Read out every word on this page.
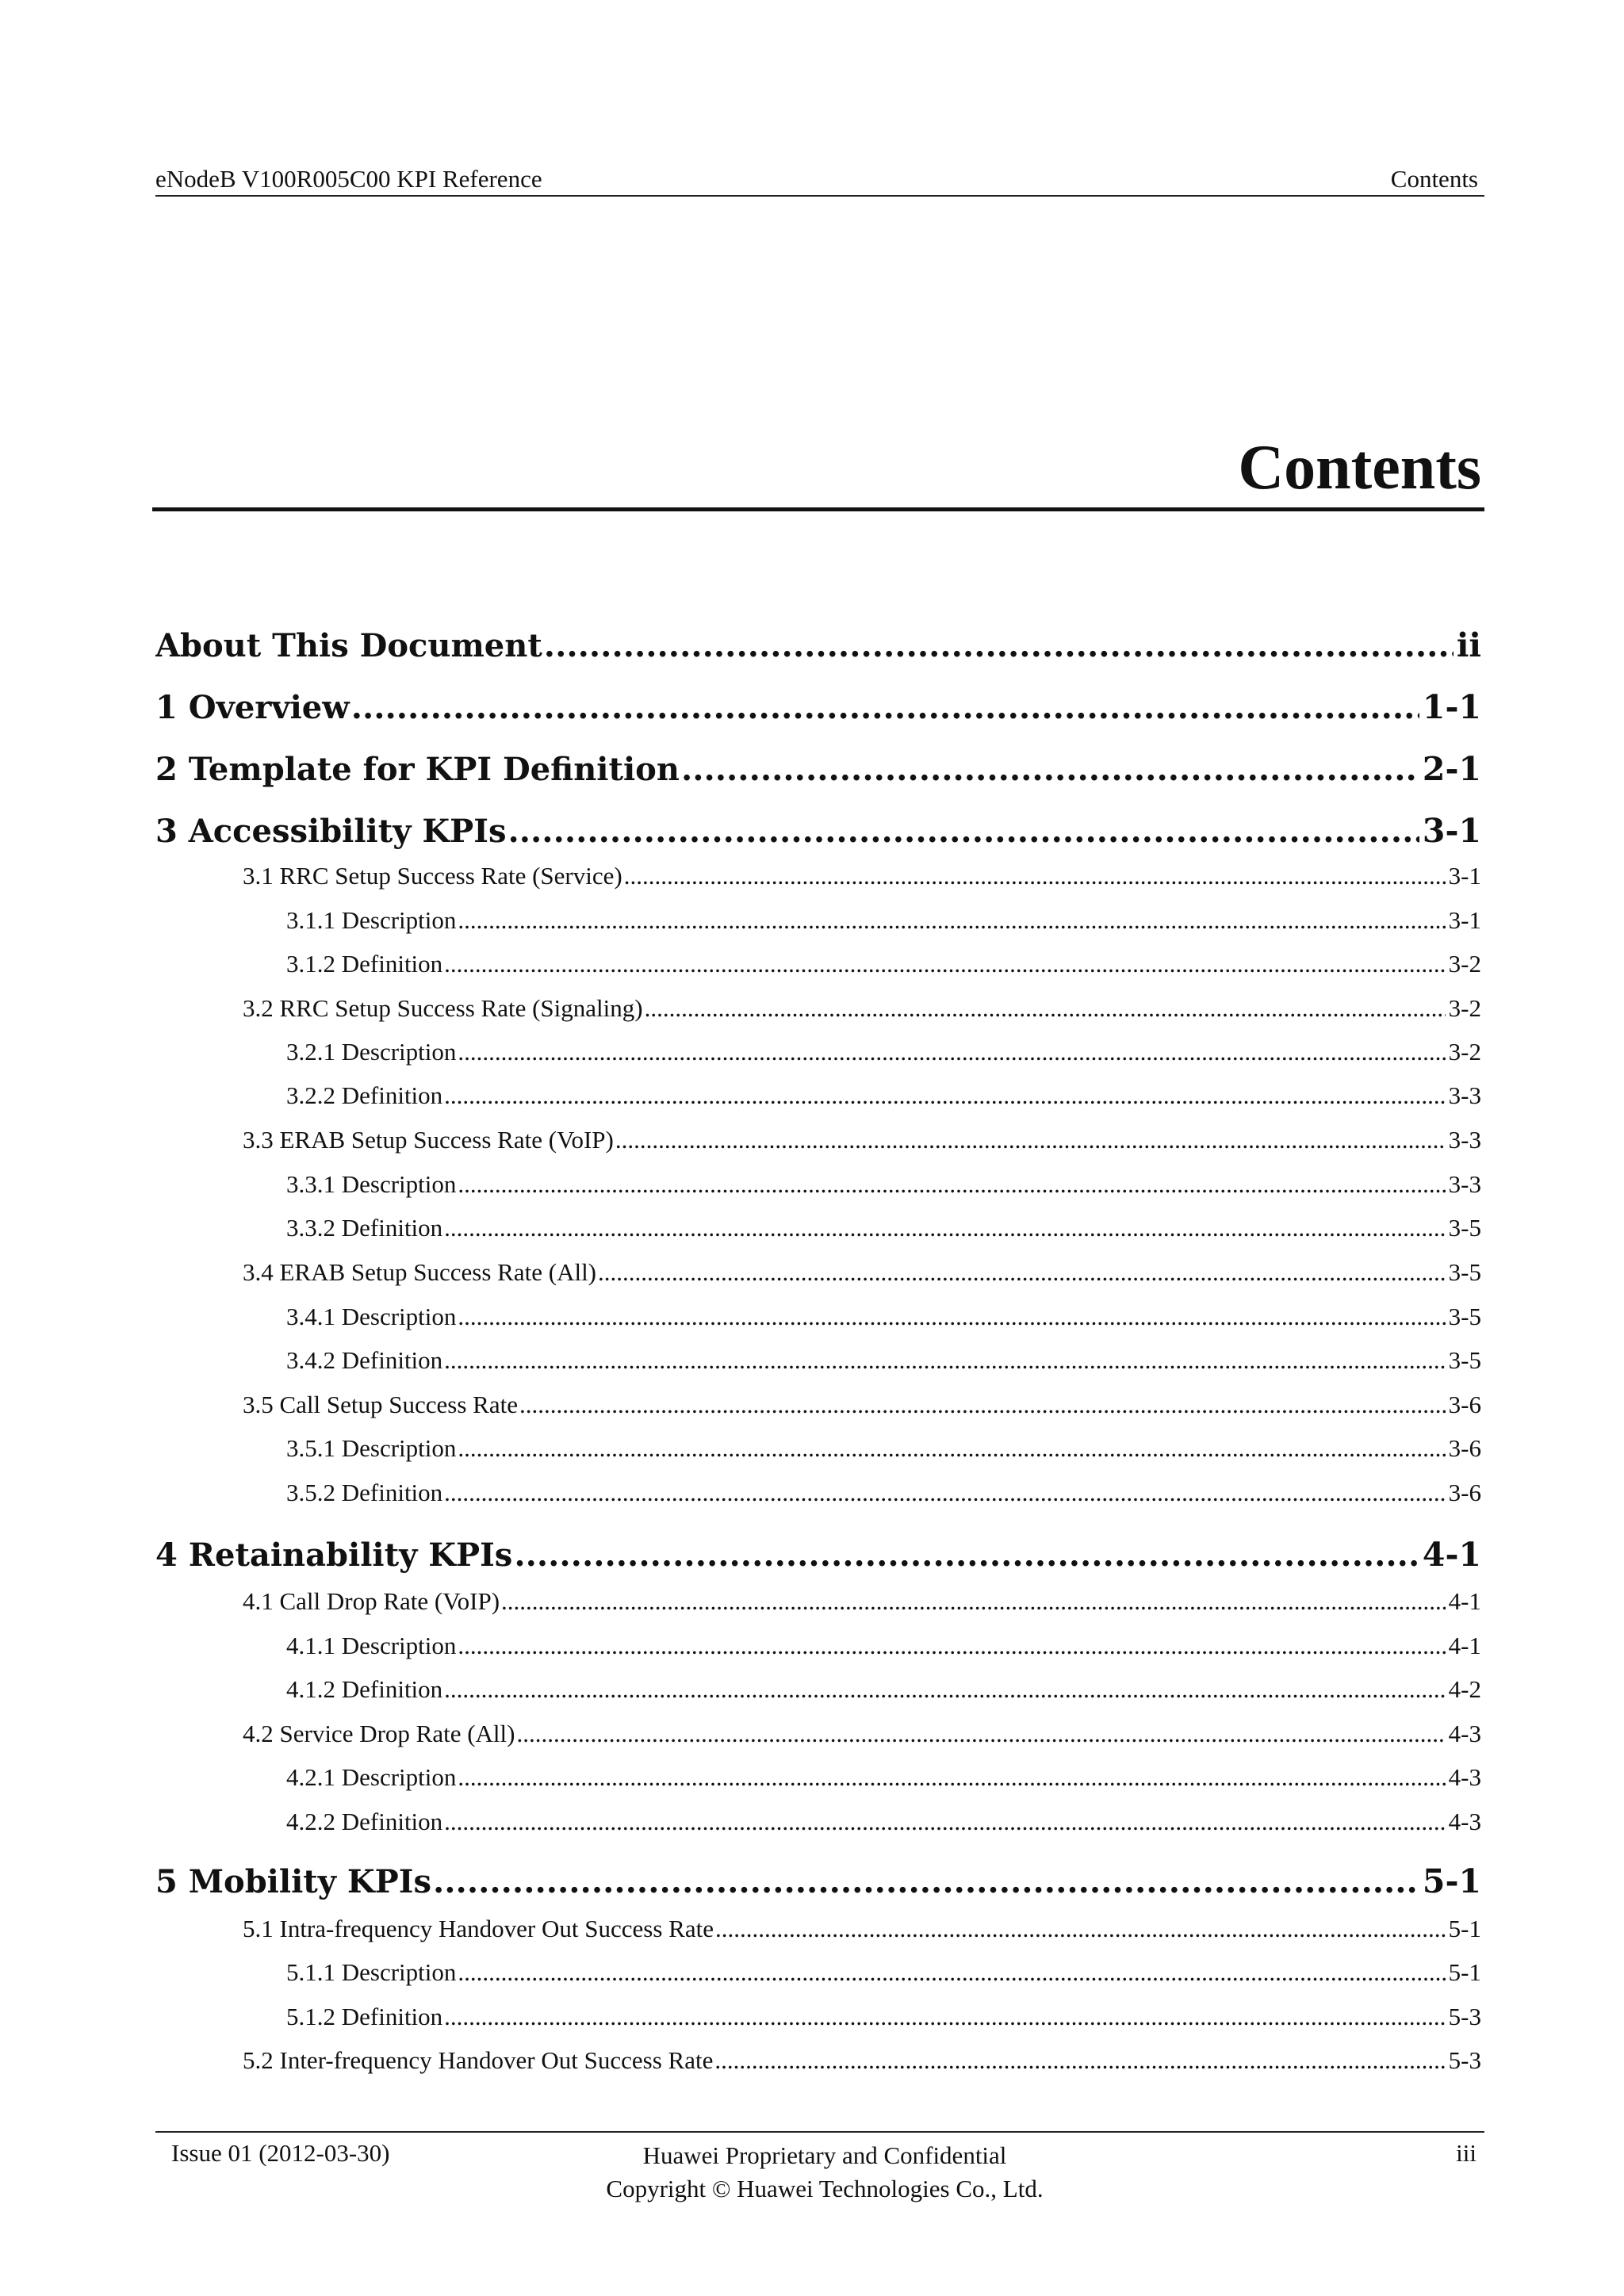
eNodeB V100R005C00 KPI Reference	Contents
Contents
About This Document .....	ii
1 Overview .....	1-1
2 Template for KPI Definition .....	2-1
3 Accessibility KPIs .....	3-1
3.1 RRC Setup Success Rate (Service) .....	3-1
3.1.1 Description .....	3-1
3.1.2 Definition .....	3-2
3.2 RRC Setup Success Rate (Signaling) .....	3-2
3.2.1 Description .....	3-2
3.2.2 Definition .....	3-3
3.3 ERAB Setup Success Rate (VoIP) .....	3-3
3.3.1 Description .....	3-3
3.3.2 Definition .....	3-5
3.4 ERAB Setup Success Rate (All) .....	3-5
3.4.1 Description .....	3-5
3.4.2 Definition .....	3-5
3.5 Call Setup Success Rate .....	3-6
3.5.1 Description .....	3-6
3.5.2 Definition .....	3-6
4 Retainability KPIs .....	4-1
4.1 Call Drop Rate (VoIP) .....	4-1
4.1.1 Description .....	4-1
4.1.2 Definition .....	4-2
4.2 Service Drop Rate (All) .....	4-3
4.2.1 Description .....	4-3
4.2.2 Definition .....	4-3
5 Mobility KPIs .....	5-1
5.1 Intra-frequency Handover Out Success Rate .....	5-1
5.1.1 Description .....	5-1
5.1.2 Definition .....	5-3
5.2 Inter-frequency Handover Out Success Rate .....	5-3
Issue 01 (2012-03-30)	Huawei Proprietary and Confidential
Copyright © Huawei Technologies Co., Ltd.
iii
